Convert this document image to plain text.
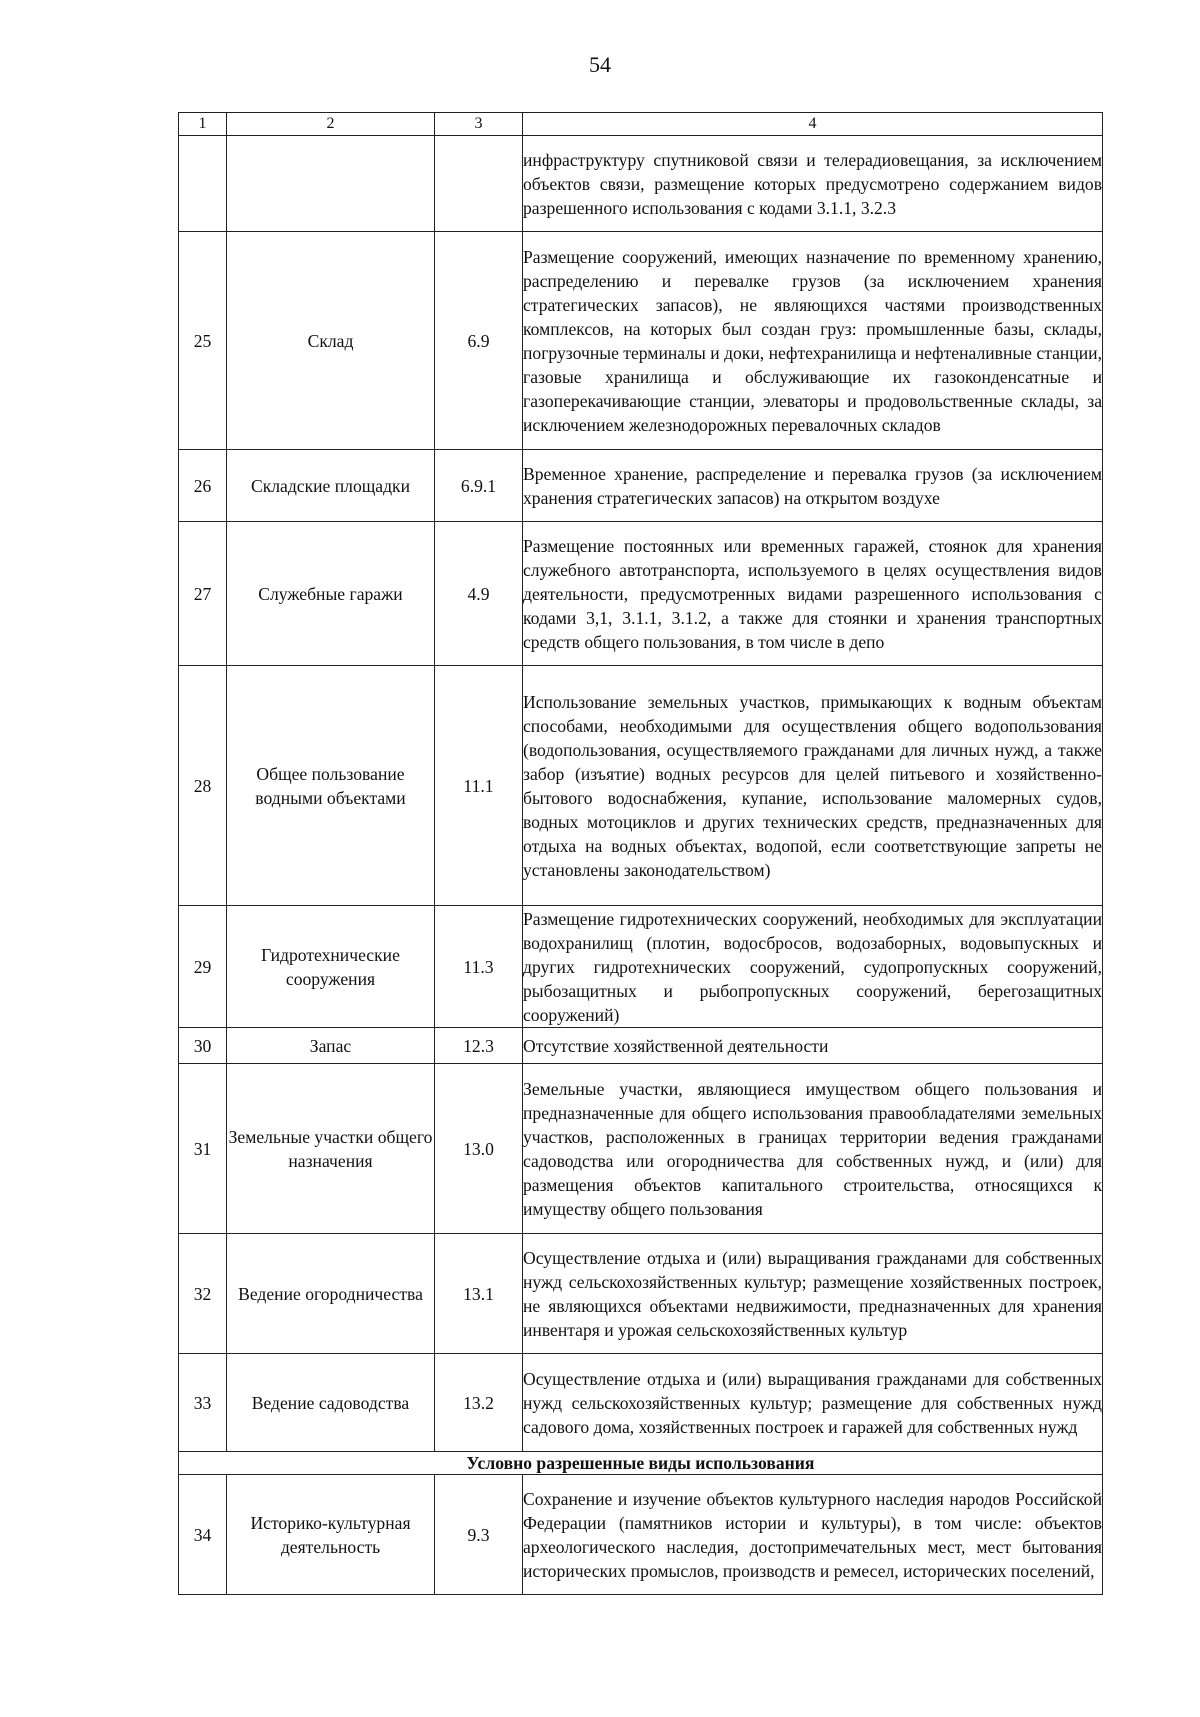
54
1	2	3	4
			инфраструктуру спутниковой связи и телерадиовещания, за исключением объектов связи, размещение которых предусмотрено содержанием видов разрешенного использования с кодами 3.1.1, 3.2.3
25	Склад	6.9	Размещение сооружений, имеющих назначение по временному хранению, распределению и перевалке грузов (за исключением хранения стратегических запасов), не являющихся частями производственных комплексов, на которых был создан груз: промышленные базы, склады, погрузочные терминалы и доки, нефтехранилища и нефтеналивные станции, газовые хранилища и обслуживающие их газоконденсатные и газоперекачивающие станции, элеваторы и продовольственные склады, за исключением железнодорожных перевалочных складов
26	Складские площадки	6.9.1	Временное хранение, распределение и перевалка грузов (за исключением хранения стратегических запасов) на открытом воздухе
27	Служебные гаражи	4.9	Размещение постоянных или временных гаражей, стоянок для хранения служебного автотранспорта, используемого в целях осуществления видов деятельности, предусмотренных видами разрешенного использования с кодами 3,1, 3.1.1, 3.1.2, а также для стоянки и хранения транспортных средств общего пользования, в том числе в депо
28	Общее пользование водными объектами	11.1	Использование земельных участков, примыкающих к водным объектам способами, необходимыми для осуществления общего водопользования (водопользования, осуществляемого гражданами для личных нужд, а также забор (изъятие) водных ресурсов для целей питьевого и хозяйственно-бытового водоснабжения, купание, использование маломерных судов, водных мотоциклов и других технических средств, предназначенных для отдыха на водных объектах, водопой, если соответствующие запреты не установлены законодательством)
29	Гидротехнические сооружения	11.3	Размещение гидротехнических сооружений, необходимых для эксплуатации водохранилищ (плотин, водосбросов, водозаборных, водовыпускных и других гидротехнических сооружений, судопропускных сооружений, рыбозащитных и рыбопропускных сооружений, берегозащитных сооружений)
30	Запас	12.3	Отсутствие хозяйственной деятельности
31	Земельные участки общего назначения	13.0	Земельные участки, являющиеся имуществом общего пользования и предназначенные для общего использования правообладателями земельных участков, расположенных в границах территории ведения гражданами садоводства или огородничества для собственных нужд, и (или) для размещения объектов капитального строительства, относящихся к имуществу общего пользования
32	Ведение огородничества	13.1	Осуществление отдыха и (или) выращивания гражданами для собственных нужд сельскохозяйственных культур; размещение хозяйственных построек, не являющихся объектами недвижимости, предназначенных для хранения инвентаря и урожая сельскохозяйственных культур
33	Ведение садоводства	13.2	Осуществление отдыха и (или) выращивания гражданами для собственных нужд сельскохозяйственных культур; размещение для собственных нужд садового дома, хозяйственных построек и гаражей для собственных нужд
Условно разрешенные виды использования			
34	Историко-культурная деятельность	9.3	Сохранение и изучение объектов культурного наследия народов Российской Федерации (памятников истории и культуры), в том числе: объектов археологического наследия, достопримечательных мест, мест бытования исторических промыслов, производств и ремесел, исторических поселений,
